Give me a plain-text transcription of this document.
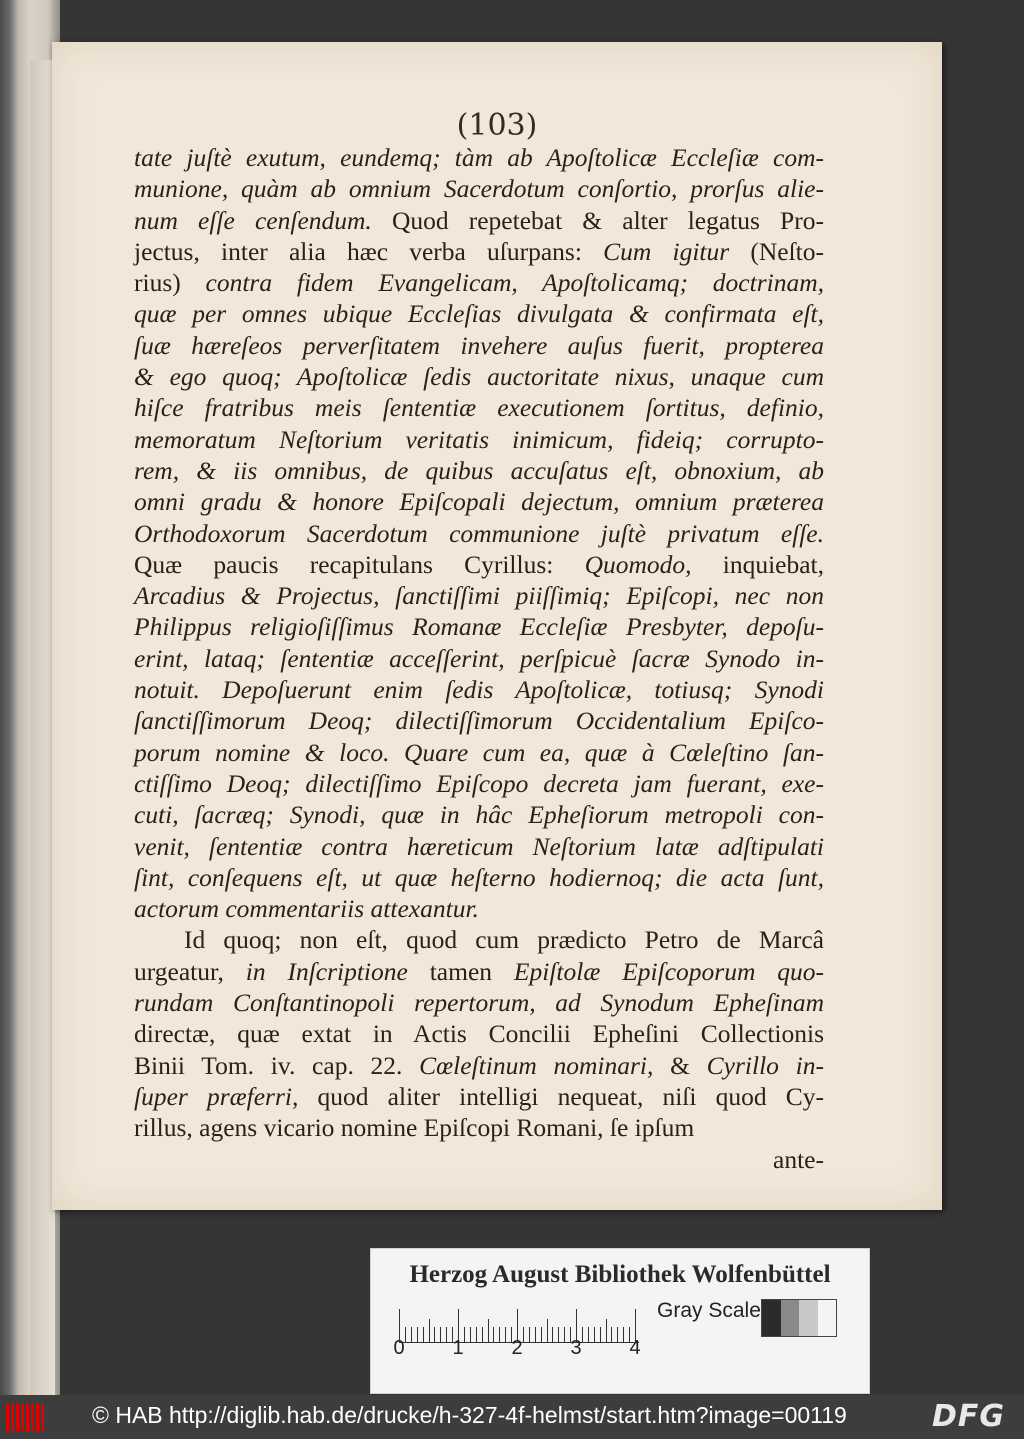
(103)
tate juſtè exutum, eundemq; tàm ab Apoſtolicæ Eccleſiæ com-
munione, quàm ab omnium Sacerdotum conſortio, prorſus alie-
num eſſe cenſendum. Quod repetebat & alter legatus Pro-
jectus, inter alia hæc verba uſurpans: Cum igitur (Neſto-
rius) contra fidem Evangelicam, Apoſtolicamq; doctrinam,
quæ per omnes ubique Eccleſias divulgata & confirmata eſt,
ſuæ hæreſeos perverſitatem invehere auſus fuerit, propterea
& ego quoq; Apoſtolicæ ſedis auctoritate nixus, unaque cum
hiſce fratribus meis ſententiæ executionem ſortitus, definio,
memoratum Neſtorium veritatis inimicum, fideiq; corrupto-
rem, & iis omnibus, de quibus accuſatus eſt, obnoxium, ab
omni gradu & honore Epiſcopali dejectum, omnium præterea
Orthodoxorum Sacerdotum communione juſtè privatum eſſe.
Quæ paucis recapitulans Cyrillus: Quomodo, inquiebat,
Arcadius & Projectus, ſanctiſſimi piiſſimiq; Epiſcopi, nec non
Philippus religioſiſſimus Romanæ Eccleſiæ Presbyter, depoſu-
erint, lataq; ſententiæ acceſſerint, perſpicuè ſacræ Synodo in-
notuit. Depoſuerunt enim ſedis Apoſtolicæ, totiusq; Synodi
ſanctiſſimorum Deoq; dilectiſſimorum Occidentalium Epiſco-
porum nomine & loco. Quare cum ea, quæ à Cœleſtino ſan-
ctiſſimo Deoq; dilectiſſimo Epiſcopo decreta jam fuerant, exe-
cuti, ſacræq; Synodi, quæ in hâc Epheſiorum metropoli con-
venit, ſententiæ contra hæreticum Neſtorium latæ adſtipulati
ſint, conſequens eſt, ut quæ heſterno hodiernoq; die acta ſunt,
actorum commentariis attexantur.
Id quoq; non eſt, quod cum prædicto Petro de Marcâ
urgeatur, in Inſcriptione tamen Epiſtolæ Epiſcoporum quo-
rundam Conſtantinopoli repertorum, ad Synodum Epheſinam
directæ, quæ extat in Actis Concilii Epheſini Collectionis
Binii Tom. iv. cap. 22. Cœleſtinum nominari, & Cyrillo in-
ſuper præferri, quod aliter intelligi nequeat, niſi quod Cy-
rillus, agens vicario nomine Epiſcopi Romani, ſe ipſum
ante-
Herzog August Bibliothek Wolfenbüttel
Gray Scale
0 1 2 3 4
© HAB http://diglib.hab.de/drucke/h-327-4f-helmst/start.htm?image=00119	DFG
